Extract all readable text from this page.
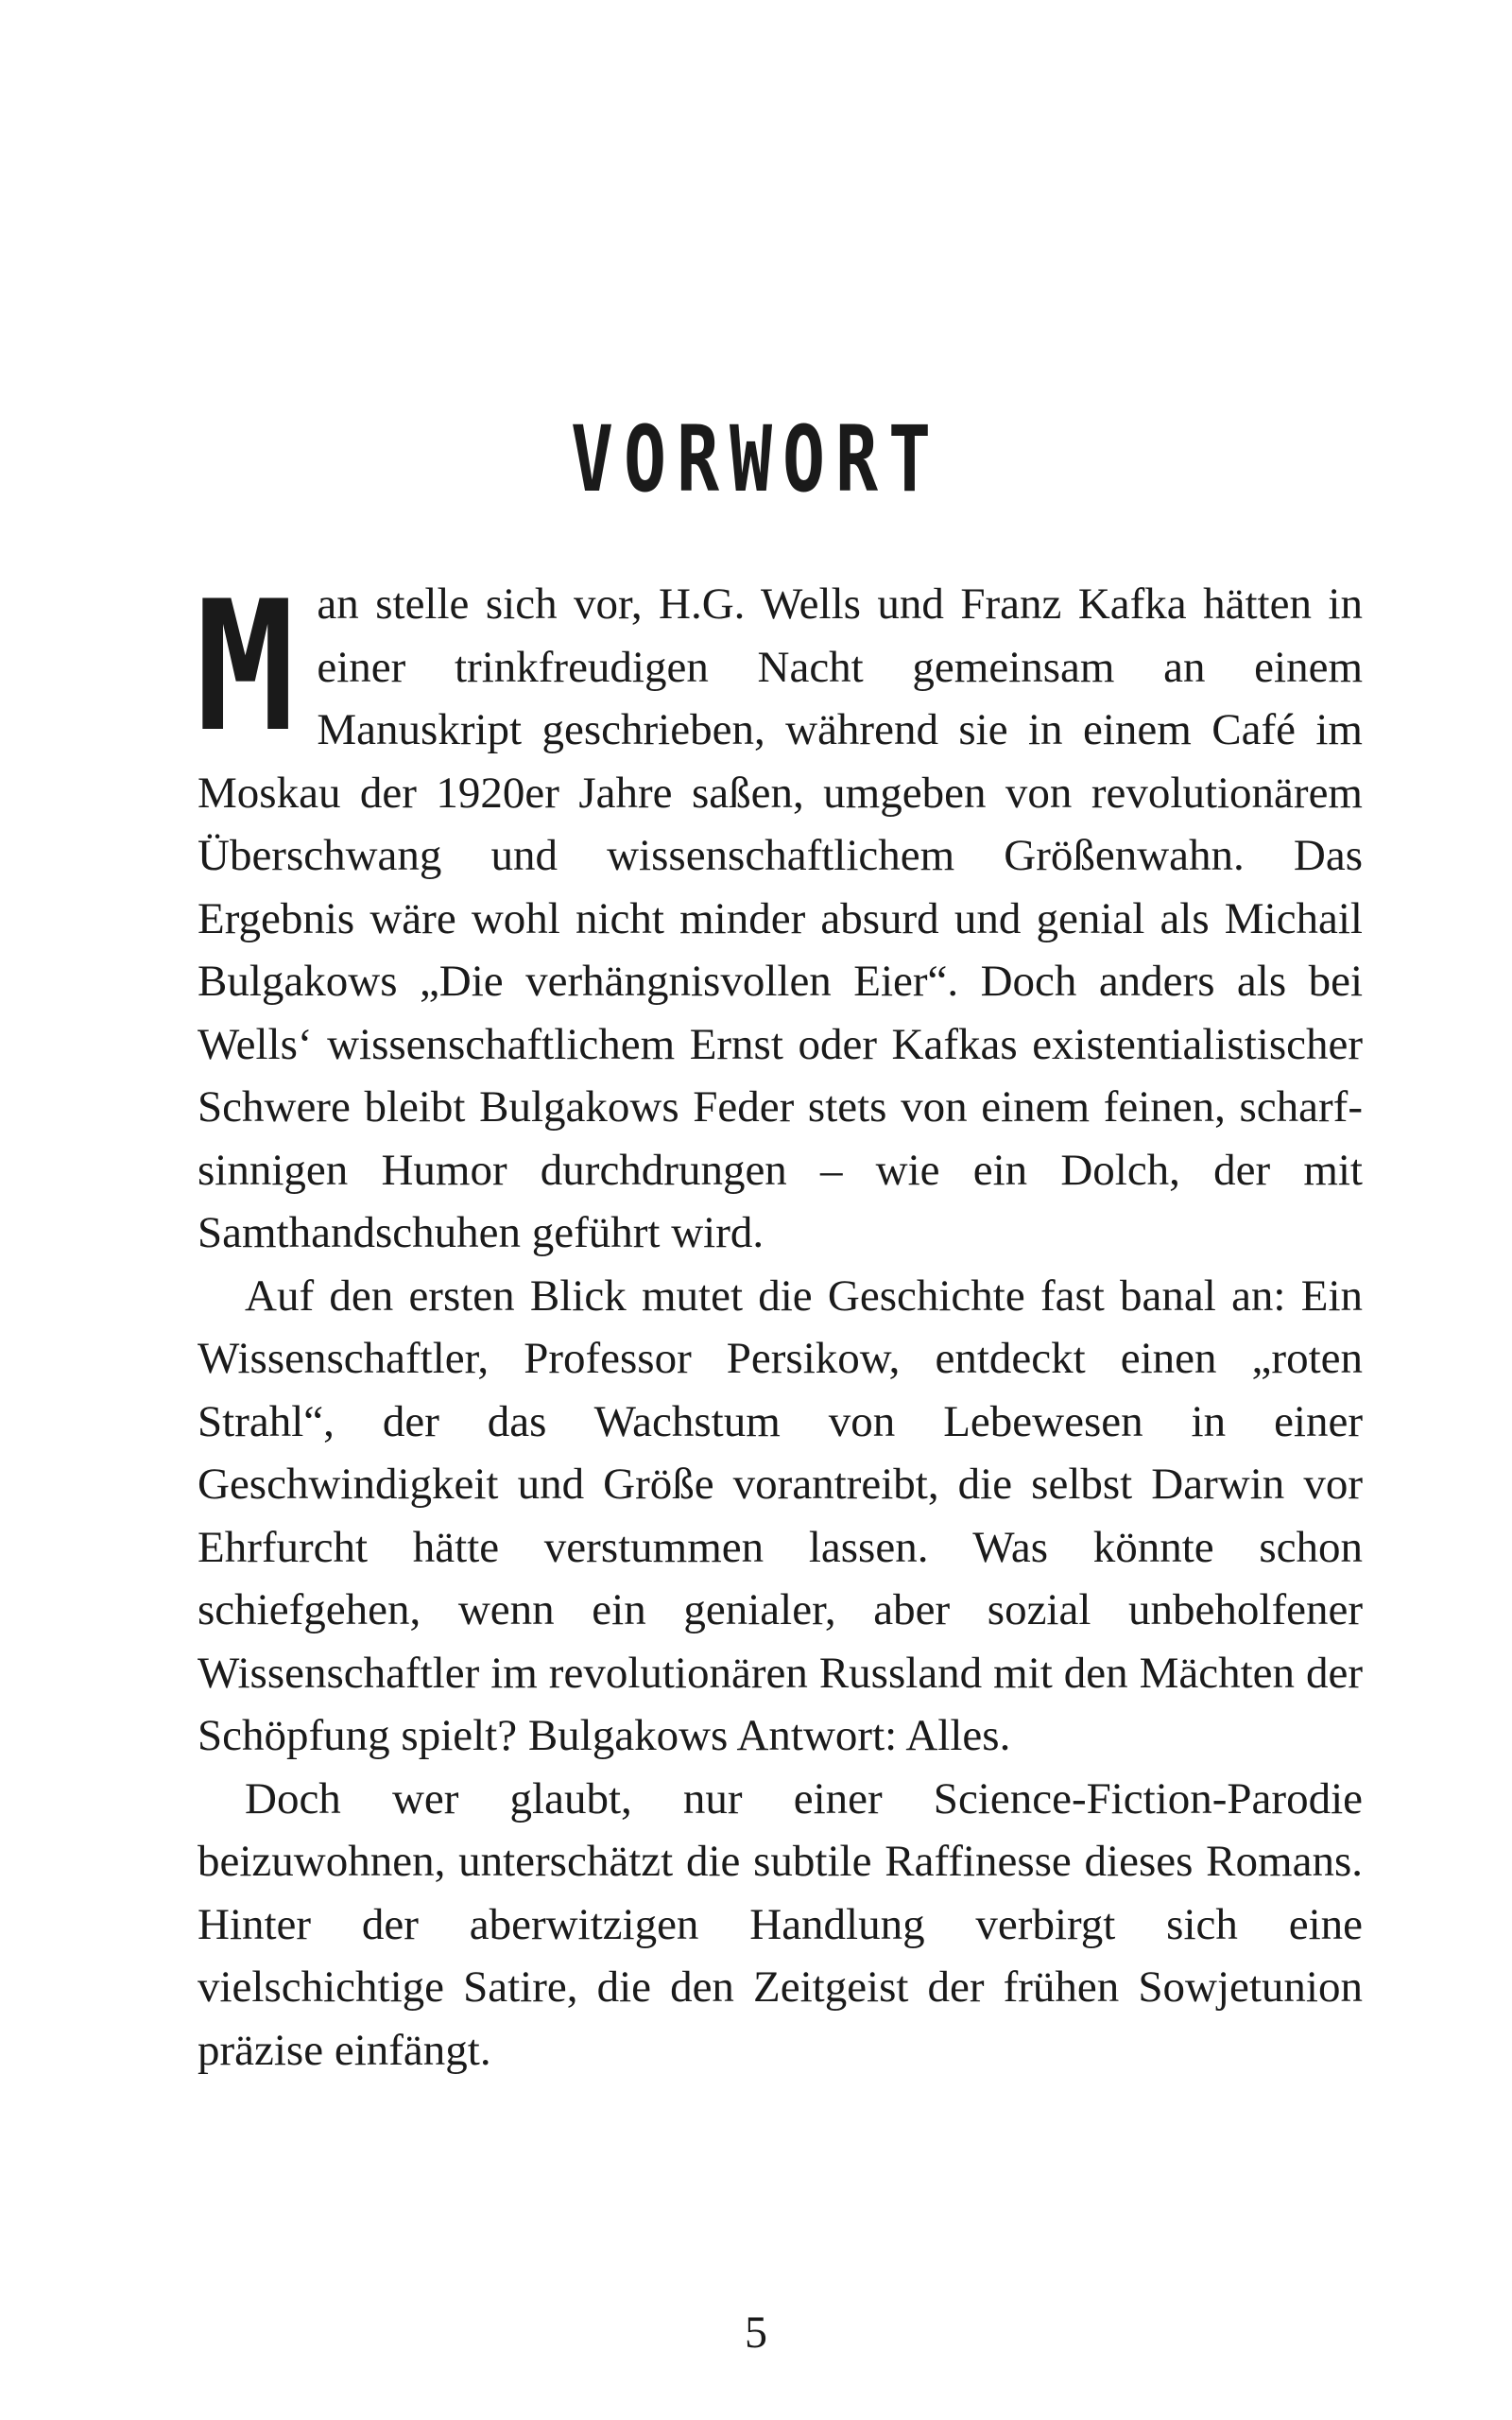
VORWORT

Man stelle sich vor, H.G. Wells und Franz Kafka hätten in einer trinkfreudigen Nacht gemeinsam an einem Manuskript geschrieben, während sie in einem Café im Moskau der 1920er Jahre saßen, umgeben von revolutionärem Überschwang und wissenschaftlichem Größenwahn. Das Ergebnis wäre wohl nicht minder absurd und genial als Michail Bulgakows „Die verhängnisvollen Eier“. Doch anders als bei Wells‘ wissenschaftlichem Ernst oder Kafkas existentialistischer Schwere bleibt Bulgakows Feder stets von einem feinen, scharfsinnigen Humor durchdrungen – wie ein Dolch, der mit Samthandschuhen geführt wird.

Auf den ersten Blick mutet die Geschichte fast banal an: Ein Wissenschaftler, Professor Persikow, entdeckt einen „roten Strahl“, der das Wachstum von Lebewesen in einer Geschwindigkeit und Größe vorantreibt, die selbst Darwin vor Ehrfurcht hätte verstummen lassen. Was könnte schon schiefgehen, wenn ein genialer, aber sozial unbeholfener Wissenschaftler im revolutionären Russland mit den Mächten der Schöpfung spielt? Bulgakows Antwort: Alles.

Doch wer glaubt, nur einer Science-Fiction-Parodie beizuwohnen, unterschätzt die subtile Raffinesse dieses Romans. Hinter der aberwitzigen Handlung verbirgt sich eine vielschichtige Satire, die den Zeitgeist der frühen Sowjetunion präzise einfängt.

5
